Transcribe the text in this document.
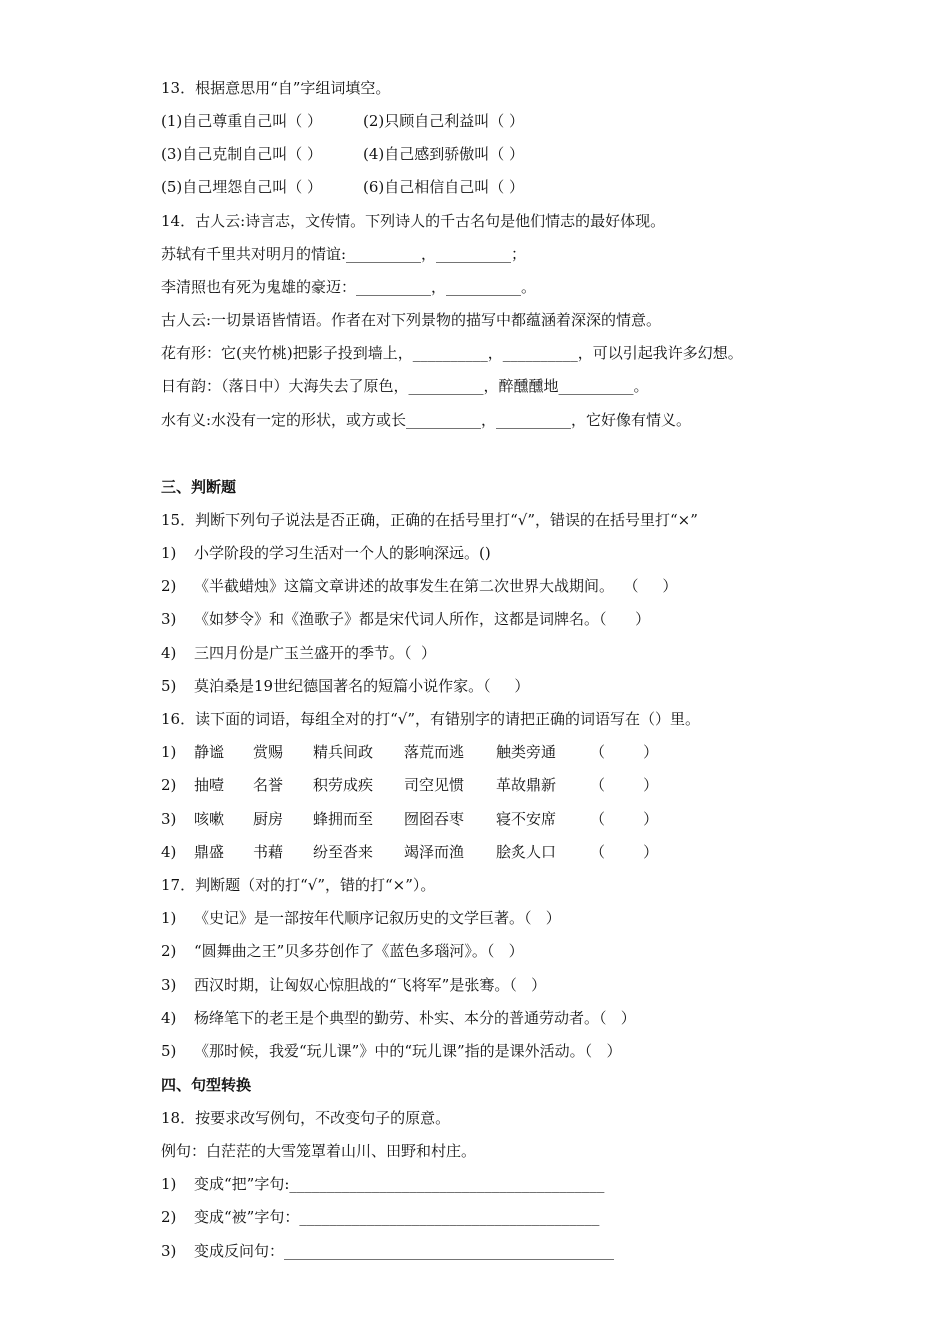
13．根据意思用“自”字组词填空。
(1)自己尊重自己叫（ ）	(2)只顾自己利益叫（ ）
(3)自己克制自己叫（ ）	(4)自己感到骄傲叫（ ）
(5)自己埋怨自己叫（ ）	(6)自己相信自己叫（ ）
14．古人云:诗言志，文传情。下列诗人的千古名句是他们情志的最好体现。
苏轼有千里共对明月的情谊:__________，__________；
李清照也有死为鬼雄的豪迈：__________，__________。
古人云:一切景语皆情语。作者在对下列景物的描写中都蕴涵着深深的情意。
花有形：它(夹竹桃)把影子投到墙上，__________，__________，可以引起我许多幻想。
日有韵：（落日中）大海失去了原色，__________，醉醺醺地__________。
水有义:水没有一定的形状，或方或长__________，__________，它好像有情义。
三、判断题
15．判断下列句子说法是否正确，正确的在括号里打“√”，错误的在括号里打“×”
1) 小学阶段的学习生活对一个人的影响深远。()
2) 《半截蜡烛》这篇文章讲述的故事发生在第二次世界大战期间。  （     ）
3) 《如梦令》和《渔歌子》都是宋代词人所作，这都是词牌名。（      ）
4) 三四月份是广玉兰盛开的季节。（  ）
5) 莫泊桑是19世纪德国著名的短篇小说作家。（     ）
16．读下面的词语，每组全对的打“√”，有错别字的请把正确的词语写在（）里。
1) 静谧 赏赐 精兵间政 落荒而逃 触类旁通 （        ）
2) 抽噎 名誉 积劳成疾 司空见惯 革故鼎新 （        ）
3) 咳嗽 厨房 蜂拥而至 囫囵吞枣 寝不安席 （        ）
4) 鼎盛 书藉 纷至沓来 竭泽而渔 脍炙人口 （        ）
17．判断题（对的打“√”，错的打“×”）。
1) 《史记》是一部按年代顺序记叙历史的文学巨著。（   ）
2) “圆舞曲之王”贝多芬创作了《蓝色多瑙河》。（   ）
3) 西汉时期，让匈奴心惊胆战的“飞将军”是张骞。（   ）
4) 杨绛笔下的老王是个典型的勤劳、朴实、本分的普通劳动者。（   ）
5) 《那时候，我爱“玩儿课”》中的“玩儿课”指的是课外活动。（   ）
四、句型转换
18．按要求改写例句，不改变句子的原意。
例句：白茫茫的大雪笼罩着山川、田野和村庄。
1) 变成“把”字句:__________________________________________
2) 变成“被”字句：________________________________________
3) 变成反问句：____________________________________________
